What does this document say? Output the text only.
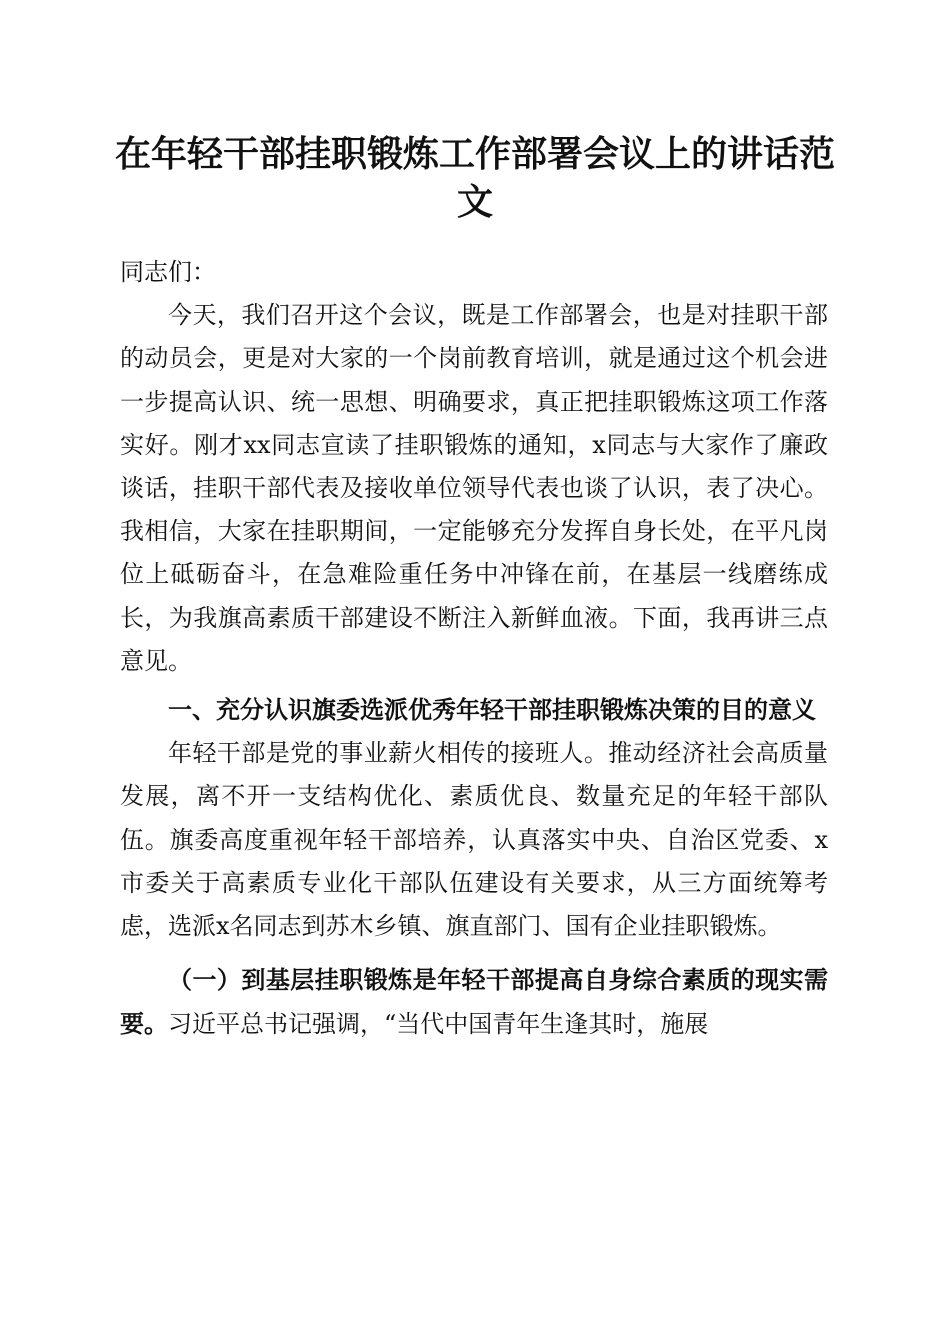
在年轻干部挂职锻炼工作部署会议上的讲话范文

同志们：

今天，我们召开这个会议，既是工作部署会，也是对挂职干部的动员会，更是对大家的一个岗前教育培训，就是通过这个机会进一步提高认识、统一思想、明确要求，真正把挂职锻炼这项工作落实好。刚才xx同志宣读了挂职锻炼的通知，x同志与大家作了廉政谈话，挂职干部代表及接收单位领导代表也谈了认识，表了决心。我相信，大家在挂职期间，一定能够充分发挥自身长处，在平凡岗位上砥砺奋斗，在急难险重任务中冲锋在前，在基层一线磨练成长，为我旗高素质干部建设不断注入新鲜血液。下面，我再讲三点意见。

一、充分认识旗委选派优秀年轻干部挂职锻炼决策的目的意义

年轻干部是党的事业薪火相传的接班人。推动经济社会高质量发展，离不开一支结构优化、素质优良、数量充足的年轻干部队伍。旗委高度重视年轻干部培养，认真落实中央、自治区党委、x市委关于高素质专业化干部队伍建设有关要求，从三方面统筹考虑，选派x名同志到苏木乡镇、旗直部门、国有企业挂职锻炼。

（一）到基层挂职锻炼是年轻干部提高自身综合素质的现实需要。习近平总书记强调，“当代中国青年生逢其时，施展
